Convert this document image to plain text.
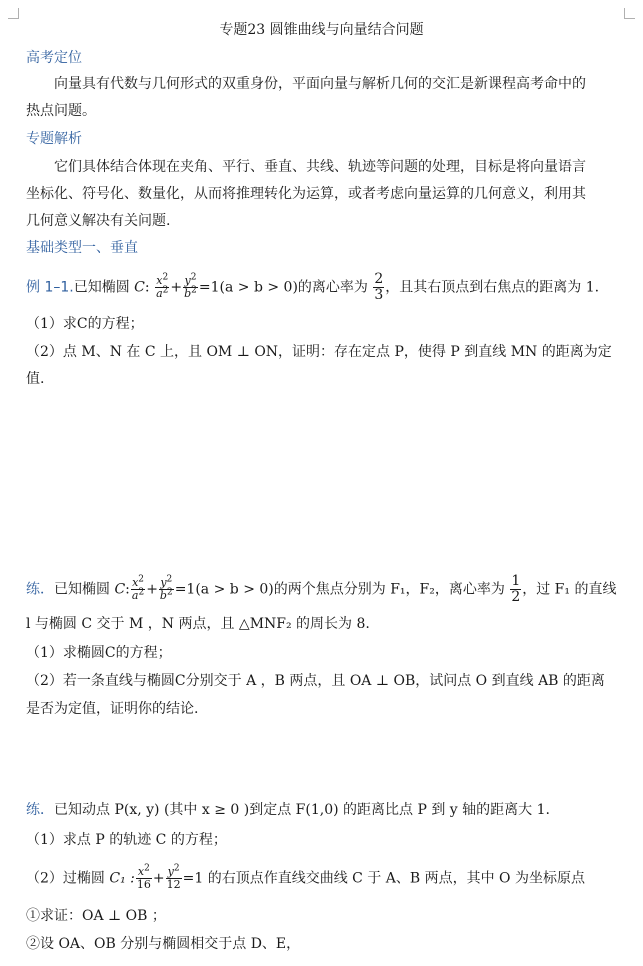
专题23 圆锥曲线与向量结合问题
高考定位
向量具有代数与几何形式的双重身份，平面向量与解析几何的交汇是新课程高考命中的
热点问题。
专题解析
它们具体结合体现在夹角、平行、垂直、共线、轨迹等问题的处理，目标是将向量语言
坐标化、符号化、数量化，从而将推理转化为运算，或者考虑向量运算的几何意义，利用其
几何意义解决有关问题.
基础类型一、垂直
例 1–1.已知椭圆 C: $\frac{x^2}{a^2} + \frac{y^2}{b^2} =1(a > b > 0)$的离心率为 $\frac{2}{3}$ ，且其右顶点到右焦点的距离为 1.
（1）求C的方程；
（2）点 M、N 在 C 上，且 OM ⊥ ON，证明：存在定点 P，使得 P 到直线 MN 的距离为定
值.
练．已知椭圆 C: $\frac{x^2}{a^2} + \frac{y^2}{b^2} =1(a > b > 0)$的两个焦点分别为 F₁，F₂，离心率为 $\frac{1}{2}$ ，过 F₁ 的直线
l 与椭圆 C 交于 M ，N 两点，且 △MNF₂ 的周长为 8.
（1）求椭圆C的方程；
（2）若一条直线与椭圆C分别交于 A ，B 两点，且 OA ⊥ OB，试问点 O 到直线 AB 的距离
是否为定值，证明你的结论.
练．已知动点 P(x, y) (其中 x ≥ 0 )到定点 F(1,0) 的距离比点 P 到 y 轴的距离大 1.
（1）求点 P 的轨迹 C 的方程；
（2）过椭圆 C₁ : $\frac{x^2}{16} + \frac{y^2}{12} =1$ 的右顶点作直线交曲线 C 于 A、B 两点，其中 O 为坐标原点
①求证：OA ⊥ OB ；
②设 OA、OB 分别与椭圆相交于点 D、E，
